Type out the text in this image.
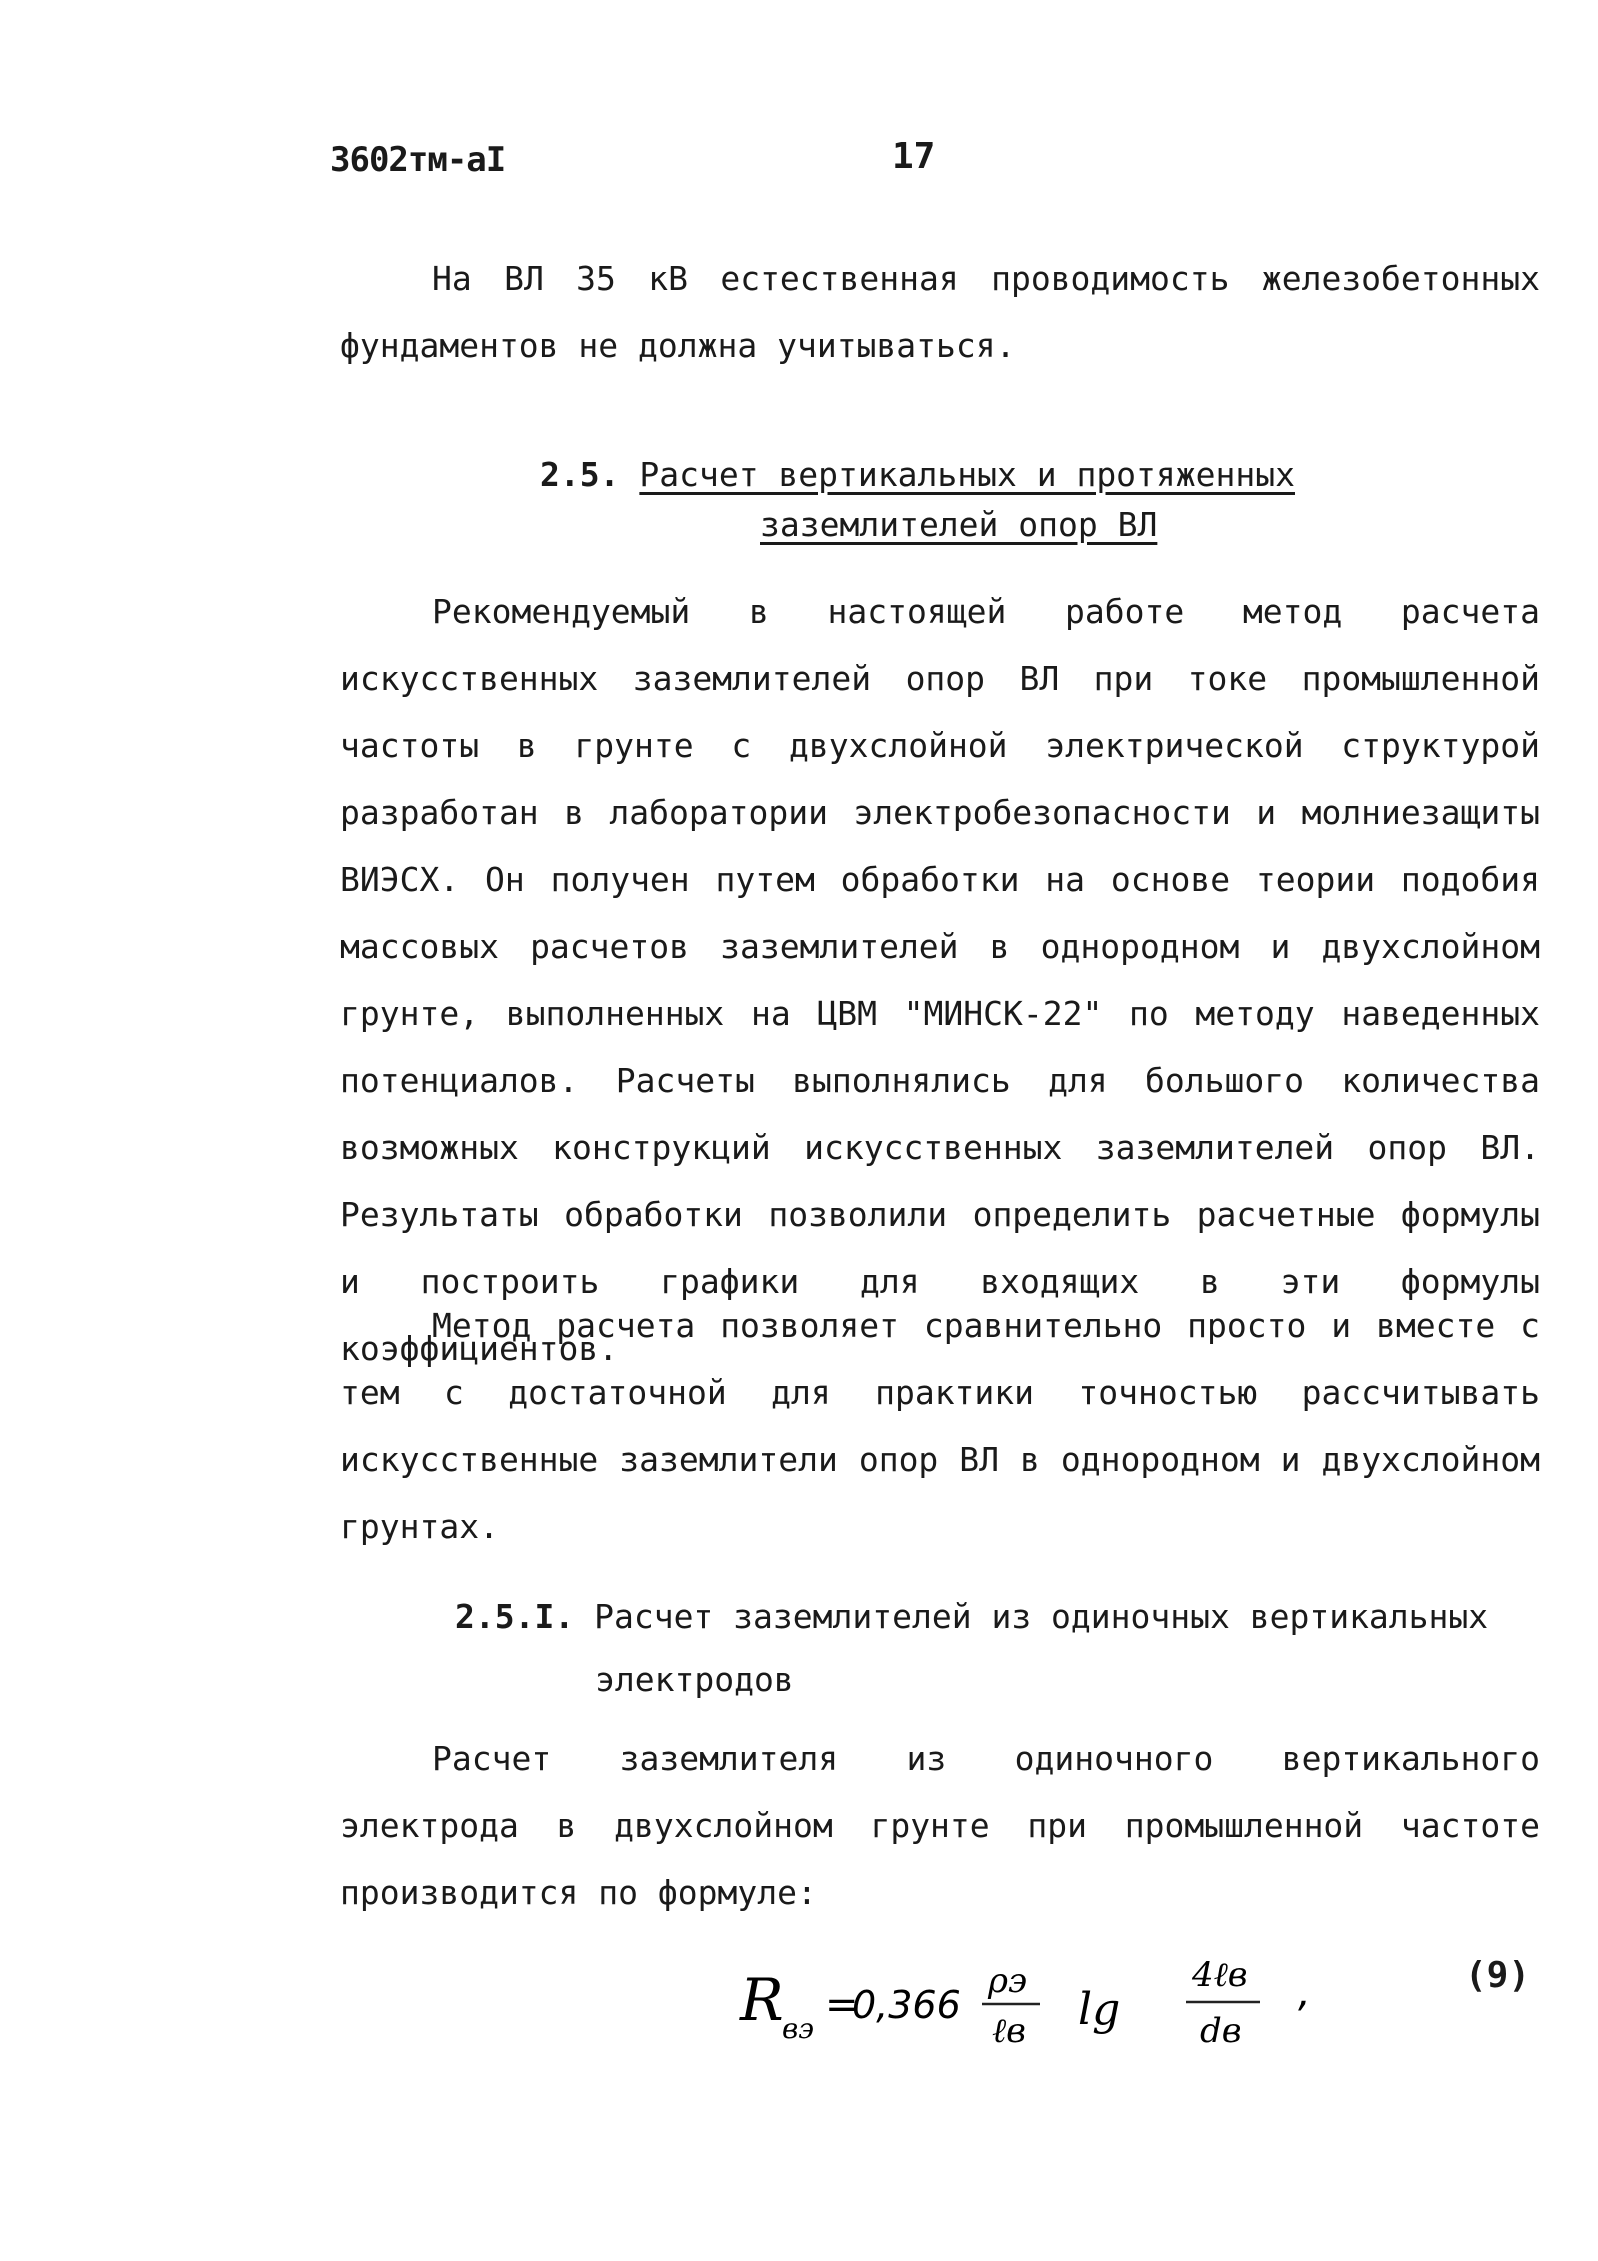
3602тм-аI	17

На ВЛ 35 кВ естественная проводимость железобетонных фундаментов не должна учитываться.

2.5. Расчет вертикальных и протяженных
заземлителей опор ВЛ

Рекомендуемый в настоящей работе метод расчета искусственных заземлителей опор ВЛ при токе промышленной частоты в грунте с двухслойной электрической структурой разработан в лаборатории электробезопасности и молниезащиты ВИЭСХ. Он получен путем обработки на основе теории подобия массовых расчетов заземлителей в однородном и двухслойном грунте, выполненных на ЦВМ "МИНСК-22" по методу наведенных потенциалов. Расчеты выполнялись для большого количества возможных конструкций искусственных заземлителей опор ВЛ. Результаты обработки позволили определить расчетные формулы и построить графики для входящих в эти формулы коэффициентов.

Метод расчета позволяет сравнительно просто и вместе с тем с достаточной для практики точностью рассчитывать искусственные заземлители опор ВЛ в однородном и двухслойном грунтах.

2.5.I. Расчет заземлителей из одиночных вертикальных
электродов

Расчет заземлителя из одиночного вертикального электрода в двухслойном грунте при промышленной частоте производится по формуле:

R
вэ
=
0,366
ρэ
ℓв lg
4ℓв
dв
,	(9)
